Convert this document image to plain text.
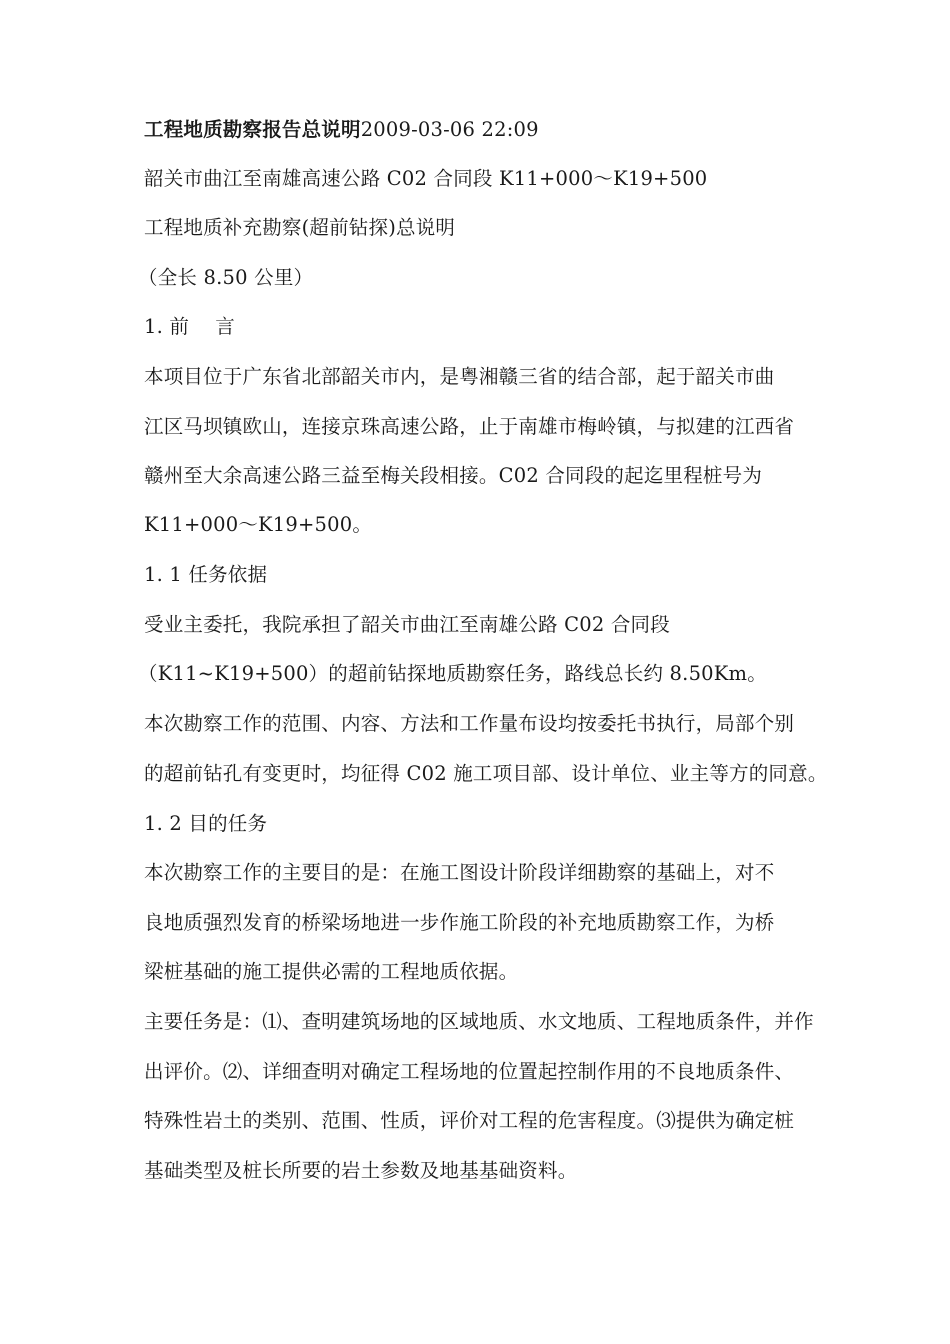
工程地质勘察报告总说明2009-03-06 22:09
韶关市曲江至南雄高速公路 C02 合同段 K11+000～K19+500
工程地质补充勘察(超前钻探)总说明
（全长 8.50 公里）
1. 前　 言
本项目位于广东省北部韶关市内，是粤湘赣三省的结合部，起于韶关市曲
江区马坝镇欧山，连接京珠高速公路，止于南雄市梅岭镇，与拟建的江西省
赣州至大余高速公路三益至梅关段相接。C02 合同段的起迄里程桩号为
K11+000～K19+500。
1. 1 任务依据
受业主委托，我院承担了韶关市曲江至南雄公路 C02 合同段
（K11~K19+500）的超前钻探地质勘察任务，路线总长约 8.50Km。
本次勘察工作的范围、内容、方法和工作量布设均按委托书执行，局部个别
的超前钻孔有变更时，均征得 C02 施工项目部、设计单位、业主等方的同意。
1. 2 目的任务
本次勘察工作的主要目的是：在施工图设计阶段详细勘察的基础上，对不
良地质强烈发育的桥梁场地进一步作施工阶段的补充地质勘察工作，为桥
梁桩基础的施工提供必需的工程地质依据。
主要任务是：⑴、查明建筑场地的区域地质、水文地质、工程地质条件，并作
出评价。⑵、详细查明对确定工程场地的位置起控制作用的不良地质条件、
特殊性岩土的类别、范围、性质，评价对工程的危害程度。⑶提供为确定桩
基础类型及桩长所要的岩土参数及地基基础资料。
